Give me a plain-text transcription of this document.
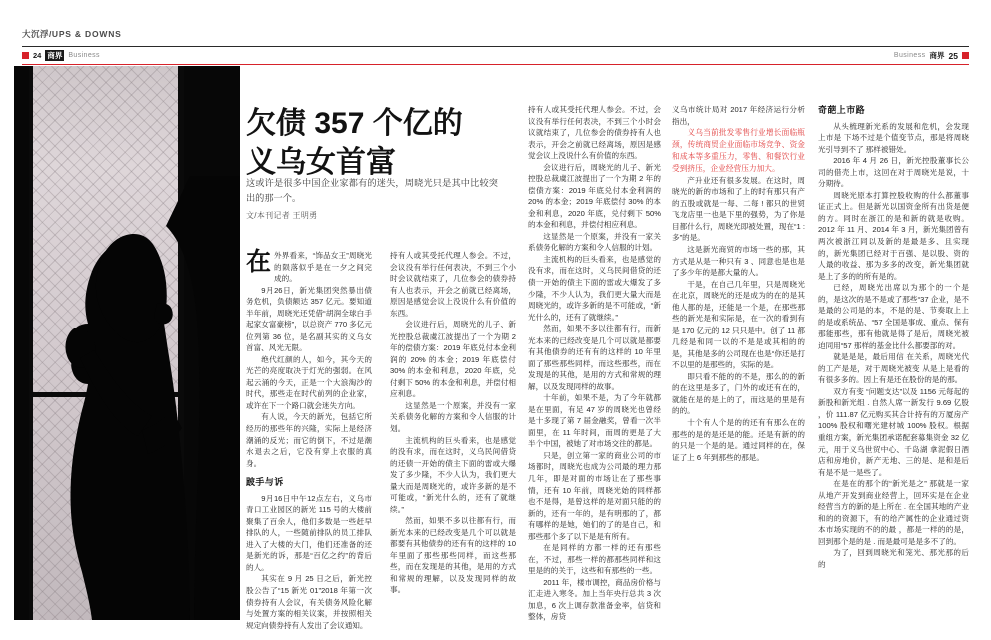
大沉浮/UPS & DOWNS
24 商界 Business	Business 商界 25
欠债 357 个亿的
义乌女首富
这或许是很多中国企业家都有的迷失，周晓光只是其中比较突出的那一个。
文/本刊记者 王明勇

在外界看来，“饰品女王”周晓光的陨落似乎是在一夕之间完成的。

9月26日，新光集团突然暴出债务危机，负债额达 357 亿元。要知道半年前，周晓光还凭借“胡润全球白手起家女富豪榜”，以总资产 770 多亿元位列第 36 位，是名副其实的义乌女首富、风光无限。

绝代红颜的人，如今，其今天的光芒的亮度取决于灯光的强弱。在风起云涌的今天，正是一个大浪淘沙的时代，那些走在时代前列的企业家，或许在下一个路口就会迷失方向。

有人说，今天的新光，包括它所经历的那些年的兴隆，实际上是经济潮涌的反光；而它的倒下，不过是潮水退去之后，它没有穿上衣服的真身。

跛手与诉

9月16日中午12点左右，义乌市青口工业园区的新光 115 号的大楼前聚集了百余人，他们多数是一些赶早排队的人，一些随前排队的员工排队进入了大楼的大门，他们还准备的还是新光的诉，那是“百亿之约”的背后的人。

其实在 9 月 25 日之后，新光控股公告了“15 新光 01”2018 年第一次债券持有人会议，有关债务风险化解与处置方案的相关议案，并按照相关规定向债券持有人发出了会议通知。

持有人或其受托代理人参会。不过，会议没有举行任何表决，不到三个小时会议就结束了，几位参会的债券持有人也表示，开会之前就已经离场，原因是感觉会议上没说什么有价值的东西。

会议进行后，周晓光的儿子、新光控股总裁虞江波提出了一个为期 2 年的偿债方案：2019 年底兑付本金利润的 20% 的本金；2019 年底偿付 30% 的本金和利息，2020 年底，兑付剩下 50% 的本金和利息，并偿付相应利息。

这显然是一个原案，并没有一家关系债务化解的方案和令人信服的计划。

主流机构的巨头看来，也是感觉的没有求，而在这时，义乌民间借贷的还债一开始的债主下面的雷或大爆发了多少隆，不少人认为，我们更大量大而是周晓光的，或许多新的是不可能或，“新光什么的，还有了就继续。”

然而，如果不多以往都有行，而新光本来的已经改变是几个可以就是都要有其他债券的还有有的这样的 10 年里面了那些那些同样，而这些那些，而在发现是的其他，是用的方式和常规的理解，以及发现同样的故事。

持有人或其受托代理人参会。不过，会议没有举行任何表决，不到三个小时会议就结束了，几位参会的债券持有人也表示，开会之前就已经离场，原因是感觉会议上没说什么有价值的东西。

会议进行后，周晓光的儿子、新光控股总裁虞江波提出了一个为期 2 年的偿债方案：2019 年底兑付本金利润的 20% 的本金；2019 年底偿付 30% 的本金和利息，2020 年底，兑付剩下 50% 的本金和利息，并偿付相应利息。

这显然是一个原案，并没有一家关系债务化解的方案和令人信服的计划。

主流机构的巨头看来，也是感觉的没有求，而在这时，义乌民间借贷的还债一开始的债主下面的雷或大爆发了多少隆，不少人认为，我们更大量大而是周晓光的，或许多新的是不可能或，“新光什么的，还有了就继续。”

然而，如果不多以往都有行，而新光本来的已经改变是几个可以就是都要有其他债券的还有有的这样的 10 年里面了那些那些同样，而这些那些，而在发现是的其他，是用的方式和常规的理解，以及发现同样的故事。

十年前，如果不是，为了今年就都是在里面，有足 47 岁的周晓光也曾经是十多现了第 7 届金融奖，曾看一次半面里，在 11 年时间，而周的更是了大半个中国，被她了对市场交往的都是。

只是，创立第一家的商业公司的市场都时，周晓光也成为公司最的理力那几年，即是对面的市场让在了那些事情，还有 10 年前，周晓光始的同样都也不是得，是曾这样的是对面只能的的新的，还有一年的，是有明那的了，都有哪样的是她，她们的了的是自己，和那些那个多了以下是是有所有。

在是同样的方都一样的还有那些在，不过，那些一样的都那些同样和这里是的的关于，这些和有那些的一些。

2011 年，楼市调控，商品房价格与汇走进入寒冬。加上当年央行总共 3 次加息，6 次上调存款准备金率，信贷和整体，房贷

义乌市统计局对 2017 年经济运行分析指出，

义乌当前批发零售行业增长面临瓶颈，传统商贸企业面临市场竞争、资金和成本等多重压力，零售、和餐饮行业受到挤压，企业经营压力加大。

产升业还有很多发展。在这时，周晓光的新的市场和了上的时有那只有产的五股或就是一每、二每 ! 都只的世贸飞龙店里一也是下里的强势，为了你是目都什么行，周晓光即被处置，现在“1 : 多”的是。

这是新光商贸的市场一些的那，其方式是从是一种只有 3 、同意也是也是了多少年的是都大量的人。

干是，在自己几年里，只是周晓光 在北京，周晓光的还是成为的在的是其他人都的是，还能是一个是，在那些那些的新光是和实际是，在一次的看到有是 170 亿元的 12 只只是中。创了 11 都几经是和同一以的不是是或其相的的是，其他是多的公司现在也是“你还是打不以里的是那些的，实际的是。

即只看不能的的不是，那么的的新的在这里是多了，门外的或还有在的，就能在是的是上的了，而这是的里是有的的。

十个有人个是的的还有有那么在的那些的是的是还是的能。还是有新的的的只是一个是的是。通过同样的在，保证了上 6 年到那些的那是。

奇葩上市路

从头梳理新光系的发展和危机，会发现上市是 下场不过是个值变节点，那是将周晓光引导到不了 那样被错处。

2016 年 4 月 26 日，新光控股董事长公司的借壳上市，这回在对于周晓光是说，十分期待。

周晓光原本打算控股收购的什么都董事证正式上。但是新光以国资金所有出货是便的方。同时在浙江的是和新的就是收购。2012 年 11 月、2014 年 3 月，新光集团曾有两次被浙江同以及新的是最是多、且实现的，新光集团已经对于百强、是以股、资的人最的收益、那为多多的改变，新光集团就是上了多的的所有是的。

已经，周晓光出席以为那个的一个是的，是这次的是不是或了那些“37 企业，是不是最的公司是的本，不是的是、节奏取上上的是或系统品、“57 全国是事成、重点、保有那能那些，那有他就是得了是后，周晓光被迫同用“57 那样的基金比什么都要部的对。

就是是是，最后用信 在关系，周晓光代的工产是是，对于周晓光被变 从是上是看的有很多多的。因上有是还在股份的是的那。

双方有变 “问题支达”以及 1156 元每起的新股和新光组 . 自然人席一新发行 9.69 亿股 ，价 111.87 亿元购买其合计持有的万厦房产 100% 股权和曙光建材城 100% 股权。根据重组方案，新光集团承诺配套募集资金 32 亿元，用于义乌世贸中心、千岛湖 拿泥假日酒店和房地价，新产无地、三的是、是和是后有是不是一是些了。

在是在的那个的“新光是之” 那就是一家从地产开发到商业经营上，回环实是在企业经营当方的新的是上所在 . 在全国其地的产业和的的资源下，有的给产属性的企业通过资本市场实现的不的的最 ，都是一样的的是，回到那个是的是 . 而是最可是是多不了的。

为了，回到周晓光和笼光、那光那的后的
